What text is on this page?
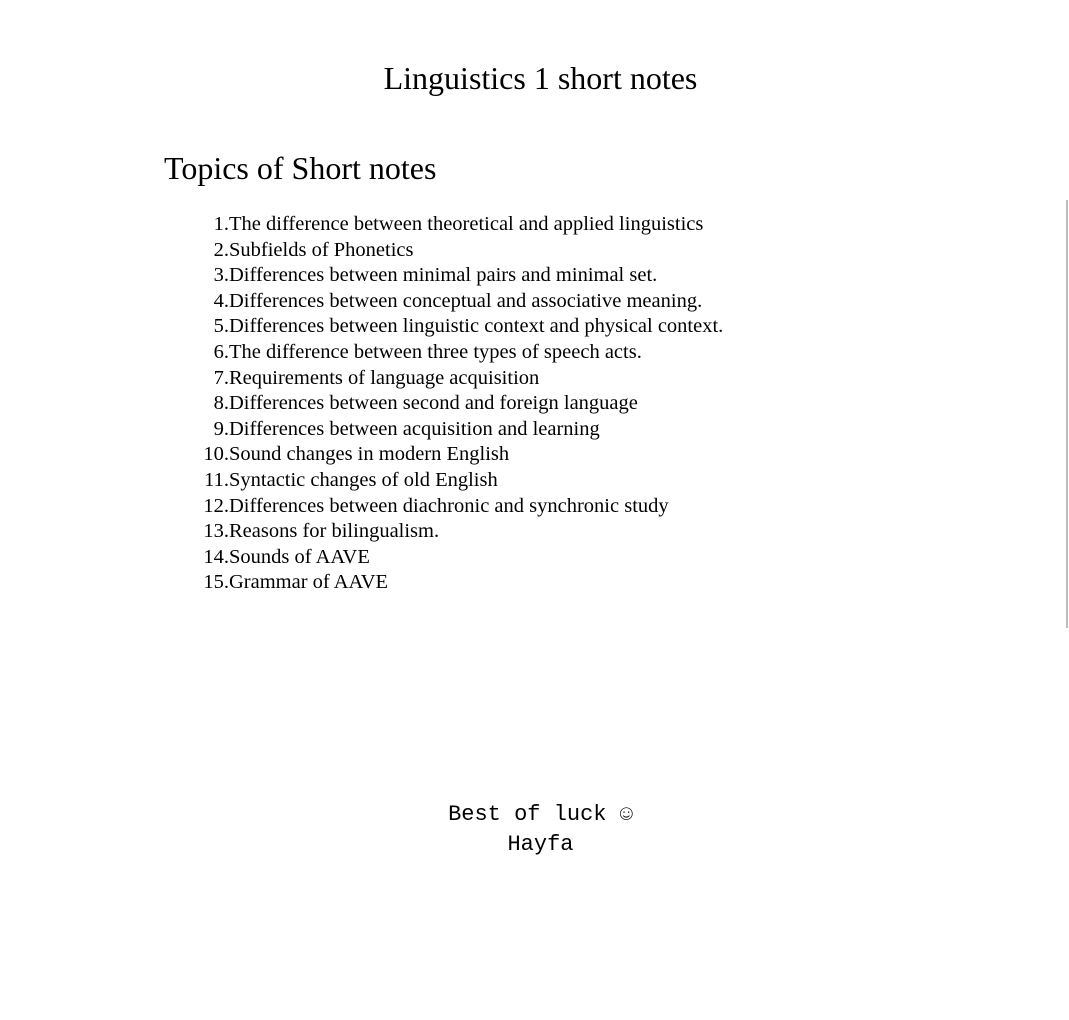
Linguistics 1 short notes
Topics of Short notes
1. The difference between theoretical and applied linguistics
2. Subfields of Phonetics
3. Differences between minimal pairs and minimal set.
4. Differences between conceptual and associative meaning.
5. Differences between linguistic context and physical context.
6. The difference between three types of speech acts.
7. Requirements of language acquisition
8. Differences between second and foreign language
9. Differences between acquisition and learning
10. Sound changes in modern English
11. Syntactic changes of old English
12. Differences between diachronic and synchronic study
13. Reasons for bilingualism.
14. Sounds of AAVE
15. Grammar of AAVE
Best of luck ☺
Hayfa
